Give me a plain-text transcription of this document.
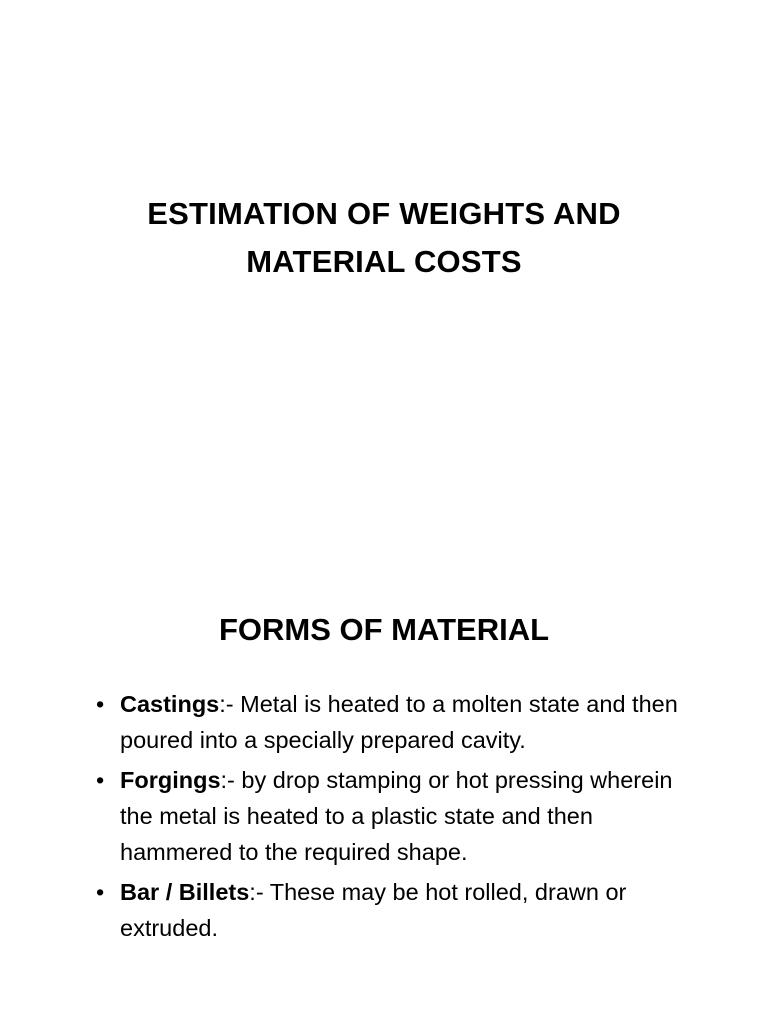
ESTIMATION OF WEIGHTS AND
MATERIAL COSTS
FORMS OF MATERIAL
• Castings:- Metal is heated to a molten state and then poured into a specially prepared cavity.
• Forgings:- by drop stamping or hot pressing wherein the metal is heated to a plastic state and then hammered to the required shape.
• Bar / Billets:- These may be hot rolled, drawn or extruded.
